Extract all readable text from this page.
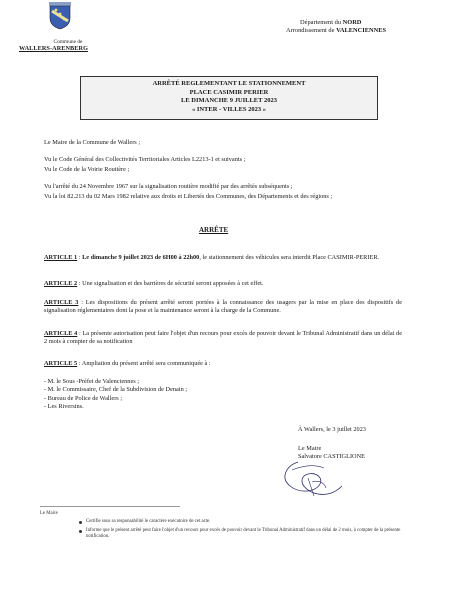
Commune de
WALLERS-ARENBERG
Département du NORD
Arrondissement de VALENCIENNES
ARRÊTÉ REGLEMENTANT LE STATIONNEMENT
PLACE CASIMIR PERIER
LE DIMANCHE 9 JUILLET 2023
« INTER - VILLES 2023 »
Le Maire de la Commune de Wallers ;
Vu le Code Général des Collectivités Territoriales Articles L2213-1 et suivants ;
Vu le Code de la Voirie Routière ;
Vu l'arrêté du 24 Novembre 1967 sur la signalisation routière modifié par des arrêtés subséquents ;
Vu la loi 82.213 du 02 Mars 1982 relative aux droits et Libertés des Communes, des Départements et des régions ;
ARRÊTE
ARTICLE 1 : Le dimanche 9 juillet 2023 de 6H00 à 22h00, le stationnement des véhicules sera interdit Place CASIMIR-PERIER.
ARTICLE 2 : Une signalisation et des barrières de sécurité seront apposées à cet effet.
ARTICLE 3 : Les dispositions du présent arrêté seront portées à la connaissance des usagers par la mise en place des dispositifs de signalisation réglementaires dont la pose et la maintenance seront à la charge de la Commune.
ARTICLE 4 : La présente autorisation peut faire l'objet d'un recours pour excès de pouvoir devant le Tribunal Administratif dans un délai de 2 mois à compter de sa notification
ARTICLE 5 : Ampliation du présent arrêté sera communiquée à :
- M. le Sous -Préfet de Valenciennes ;
- M. le Commissaire, Chef de la Subdivision de Denain ;
- Bureau de Police de Wallers ;
- Les Riversins.
À Wallers, le 3 juillet 2023
Le Maire
Salvatore CASTIGLIONE
Le Maire
Certifie sous sa responsabilité le caractère exécutoire de cet acte.
Informe que le présent arrêté peut faire l'objet d'un recours pour excès de pouvoir devant le Tribunal Administratif dans un délai de 2 mois, à compter de la présente notification.
